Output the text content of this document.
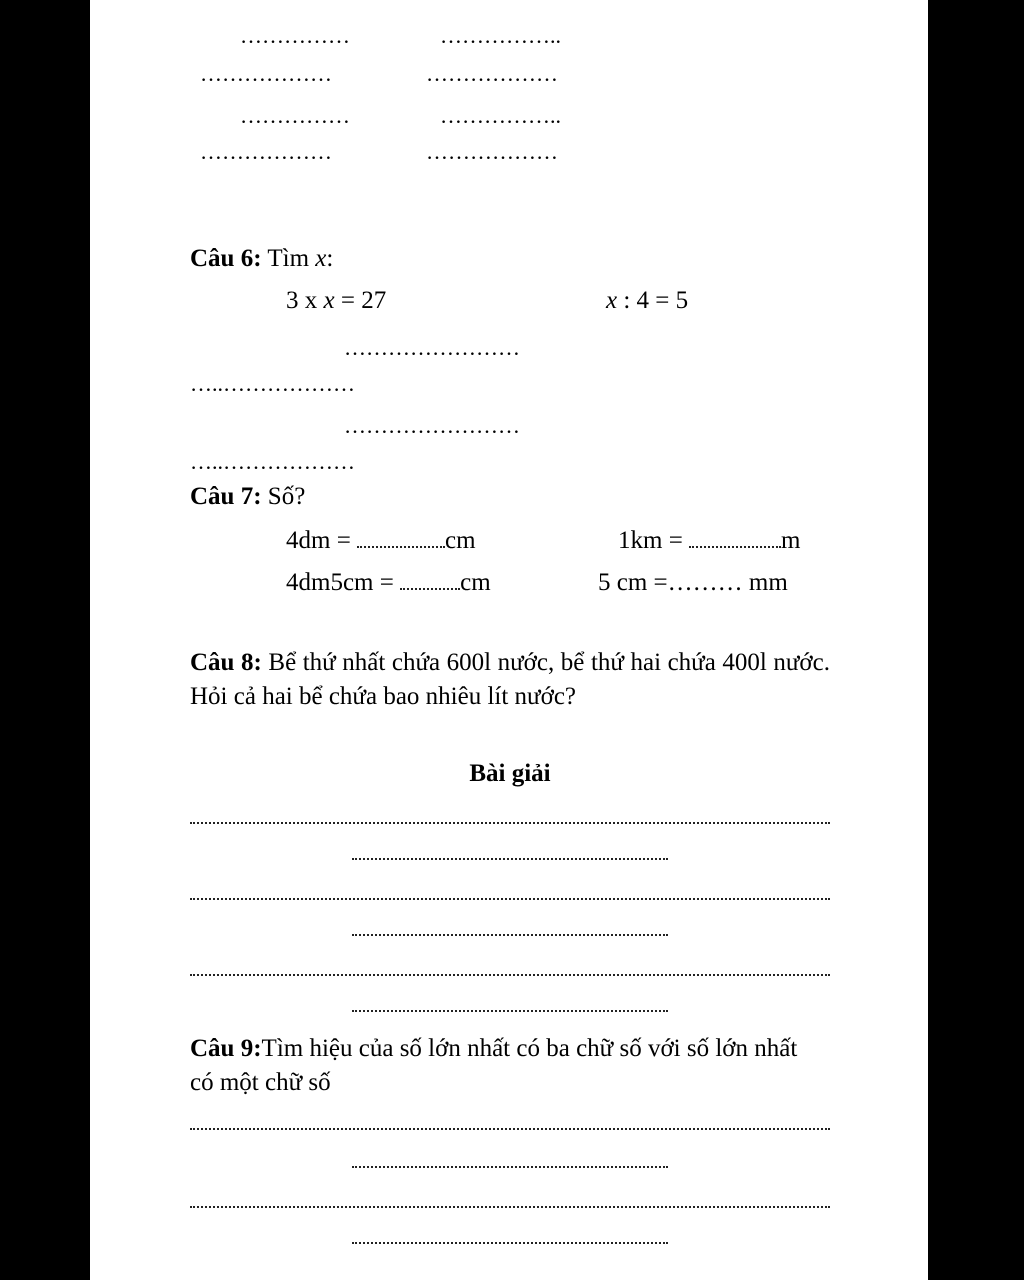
……………	……………..
………………	………………
……………	……………..
………………	………………
Câu 6: Tìm x:
3 x x = 27	x : 4 = 5
……………………
…..………………
……………………
…..………………
Câu 7: Số?
4dm =	cm	1km =	m
4dm5cm = cm	5 cm =……… mm
Câu 8: Bể thứ nhất chứa 600l nước, bể thứ hai chứa 400l nước. Hỏi cả hai bể chứa bao nhiêu lít nước?
Bài giải
Câu 9:Tìm hiệu của số lớn nhất có ba chữ số với số lớn nhất có một chữ số
